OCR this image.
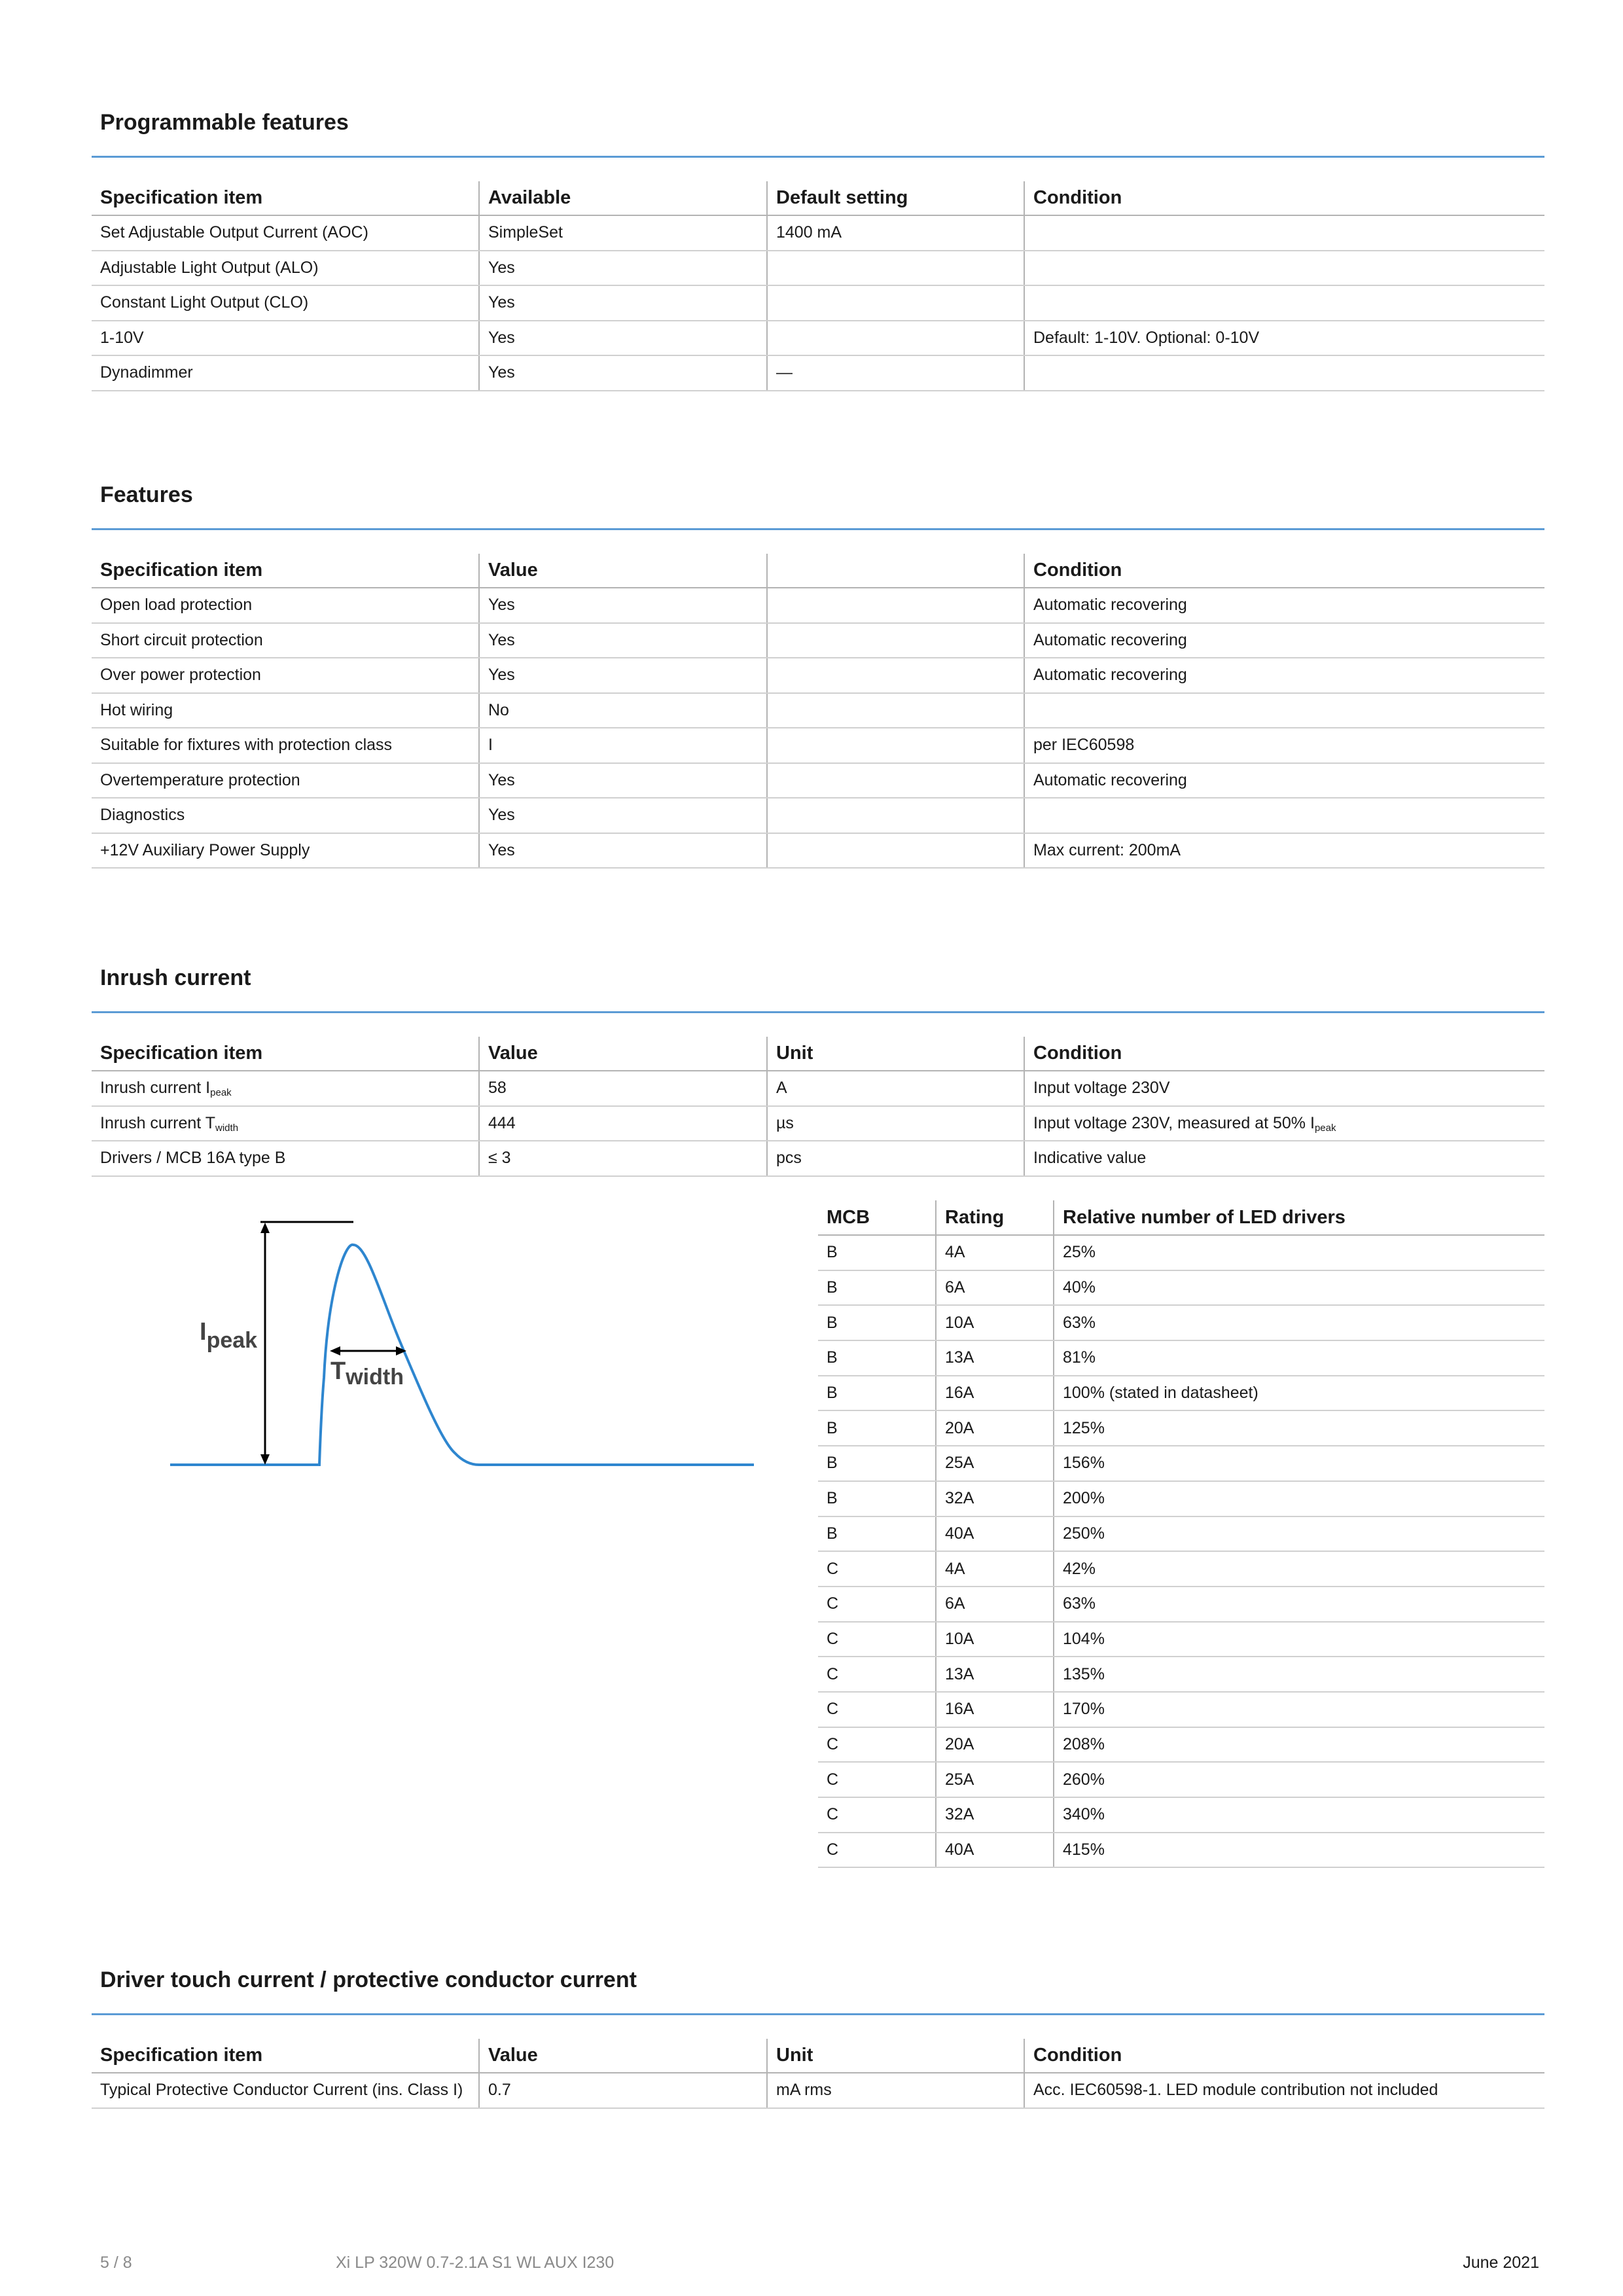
Programmable features
Specification item	Available	Default setting	Condition
Set Adjustable Output Current (AOC)	SimpleSet	1400 mA	
Adjustable Light Output (ALO)	Yes		
Constant Light Output (CLO)	Yes		
1-10V	Yes		Default: 1-10V. Optional: 0-10V
Dynadimmer	Yes	—	
Features
Specification item	Value		Condition
Open load protection	Yes		Automatic recovering
Short circuit protection	Yes		Automatic recovering
Over power protection	Yes		Automatic recovering
Hot wiring	No		
Suitable for fixtures with protection class	I		per IEC60598
Overtemperature protection	Yes		Automatic recovering
Diagnostics	Yes		
+12V Auxiliary Power Supply	Yes		Max current: 200mA
Inrush current
Specification item	Value	Unit	Condition
Inrush current $I_{peak}$	58	A	Input voltage 230V
Inrush current $T_{width}$	444	µs	Input voltage 230V, measured at 50% $I_{peak}$
Drivers / MCB 16A type B	≤ 3	pcs	Indicative value
Ipeak
Twidth
MCB	Rating	Relative number of LED drivers
B	4A	25%
B	6A	40%
B	10A	63%
B	13A	81%
B	16A	100% (stated in datasheet)
B	20A	125%
B	25A	156%
B	32A	200%
B	40A	250%
C	4A	42%
C	6A	63%
C	10A	104%
C	13A	135%
C	16A	170%
C	20A	208%
C	25A	260%
C	32A	340%
C	40A	415%
Driver touch current / protective conductor current
Specification item	Value	Unit	Condition
Typical Protective Conductor Current (ins. Class I)	0.7	mA rms	Acc. IEC60598-1. LED module contribution not included
5 / 8	Xi LP 320W 0.7-2.1A S1 WL AUX I230	June 2021
